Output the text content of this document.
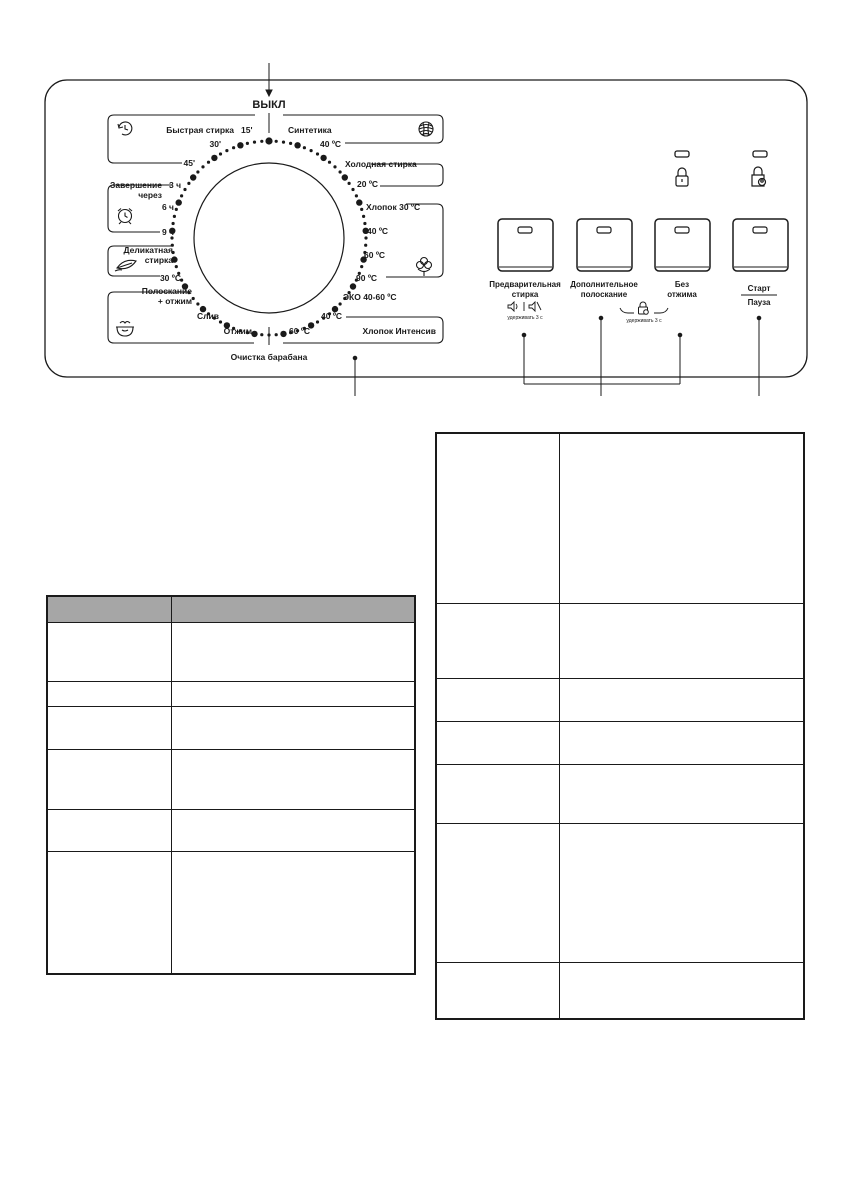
ВЫКЛ
Быстрая стирка 15'
30'
45'
Завершение 3 ч
через
6 ч
9 ч
Деликатная
стирка
30 ºС
Полоскание
+ отжим
Слив
Отжим
Очистка барабана
Синтетика
40 ºС
Холодная стирка
20 ºС
Хлопок 30 ºС
40 ºС
60 ºС
90 ºС
ЭКО 40-60 ºС
40 ºС
Хлопок Интенсив
60 ºС
Предварительная
стирка
Дополнительное
полоскание
Без
отжима
Старт
Пауза
удерживать 3 с	удерживать 3 с
